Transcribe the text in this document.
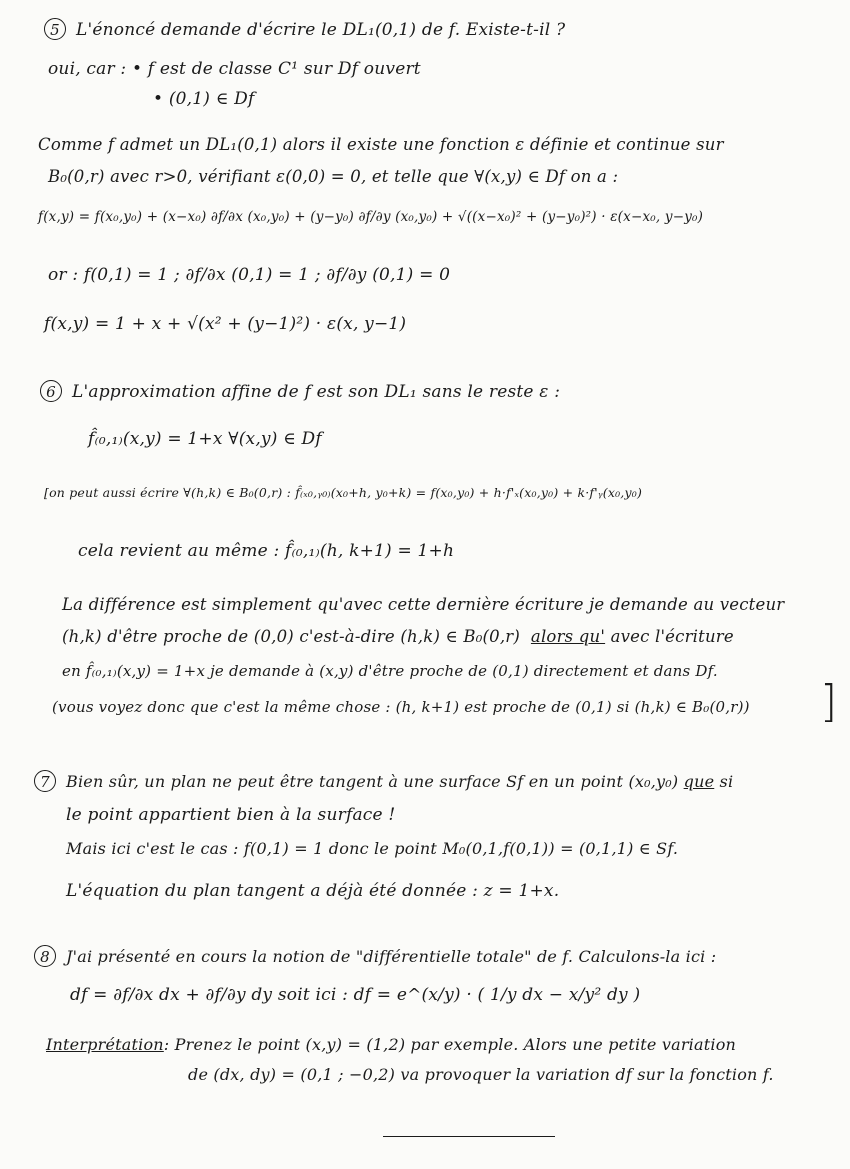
5 L'énoncé demande d'écrire le DL₁(0,1) de f. Existe-t-il ?
oui, car : • f est de classe C¹ sur Df ouvert
• (0,1) ∈ Df
Comme f admet un DL₁(0,1) alors il existe une fonction ε définie et continue sur
B₀(0,r) avec r>0, vérifiant ε(0,0) = 0, et telle que ∀(x,y) ∈ Df on a :
f(x,y) = f(x₀,y₀) + (x−x₀) ∂f/∂x (x₀,y₀) + (y−y₀) ∂f/∂y (x₀,y₀) + √((x−x₀)² + (y−y₀)²) · ε(x−x₀, y−y₀)
or : f(0,1) = 1 ; ∂f/∂x (0,1) = 1 ; ∂f/∂y (0,1) = 0
f(x,y) = 1 + x + √(x² + (y−1)²) · ε(x, y−1)
6 L'approximation affine de f est son DL₁ sans le reste ε :
f̂₍₀,₁₎(x,y) = 1+x ∀(x,y) ∈ Df
[on peut aussi écrire ∀(h,k) ∈ B₀(0,r) : f̂₍ₓ₀,ᵧ₀₎(x₀+h, y₀+k) = f(x₀,y₀) + h·f'ₓ(x₀,y₀) + k·f'ᵧ(x₀,y₀)
cela revient au même : f̂₍₀,₁₎(h, k+1) = 1+h
La différence est simplement qu'avec cette dernière écriture je demande au vecteur
(h,k) d'être proche de (0,0) c'est-à-dire (h,k) ∈ B₀(0,r) alors qu' avec l'écriture
en f̂₍₀,₁₎(x,y) = 1+x je demande à (x,y) d'être proche de (0,1) directement et dans Df.
(vous voyez donc que c'est la même chose : (h, k+1) est proche de (0,1) si (h,k) ∈ B₀(0,r)) ]
7 Bien sûr, un plan ne peut être tangent à une surface Sf en un point (x₀,y₀) que si
le point appartient bien à la surface !
Mais ici c'est le cas : f(0,1) = 1 donc le point M₀(0,1,f(0,1)) = (0,1,1) ∈ Sf.
L'équation du plan tangent a déjà été donnée : z = 1+x.
8 J'ai présenté en cours la notion de "différentielle totale" de f. Calculons-la ici :
df = ∂f/∂x dx + ∂f/∂y dy soit ici : df = e^(x/y) · ( 1/y dx − x/y² dy )
Interprétation: Prenez le point (x,y) = (1,2) par exemple. Alors une petite variation
de (dx, dy) = (0,1 ; −0,2) va provoquer la variation df sur la fonction f.
